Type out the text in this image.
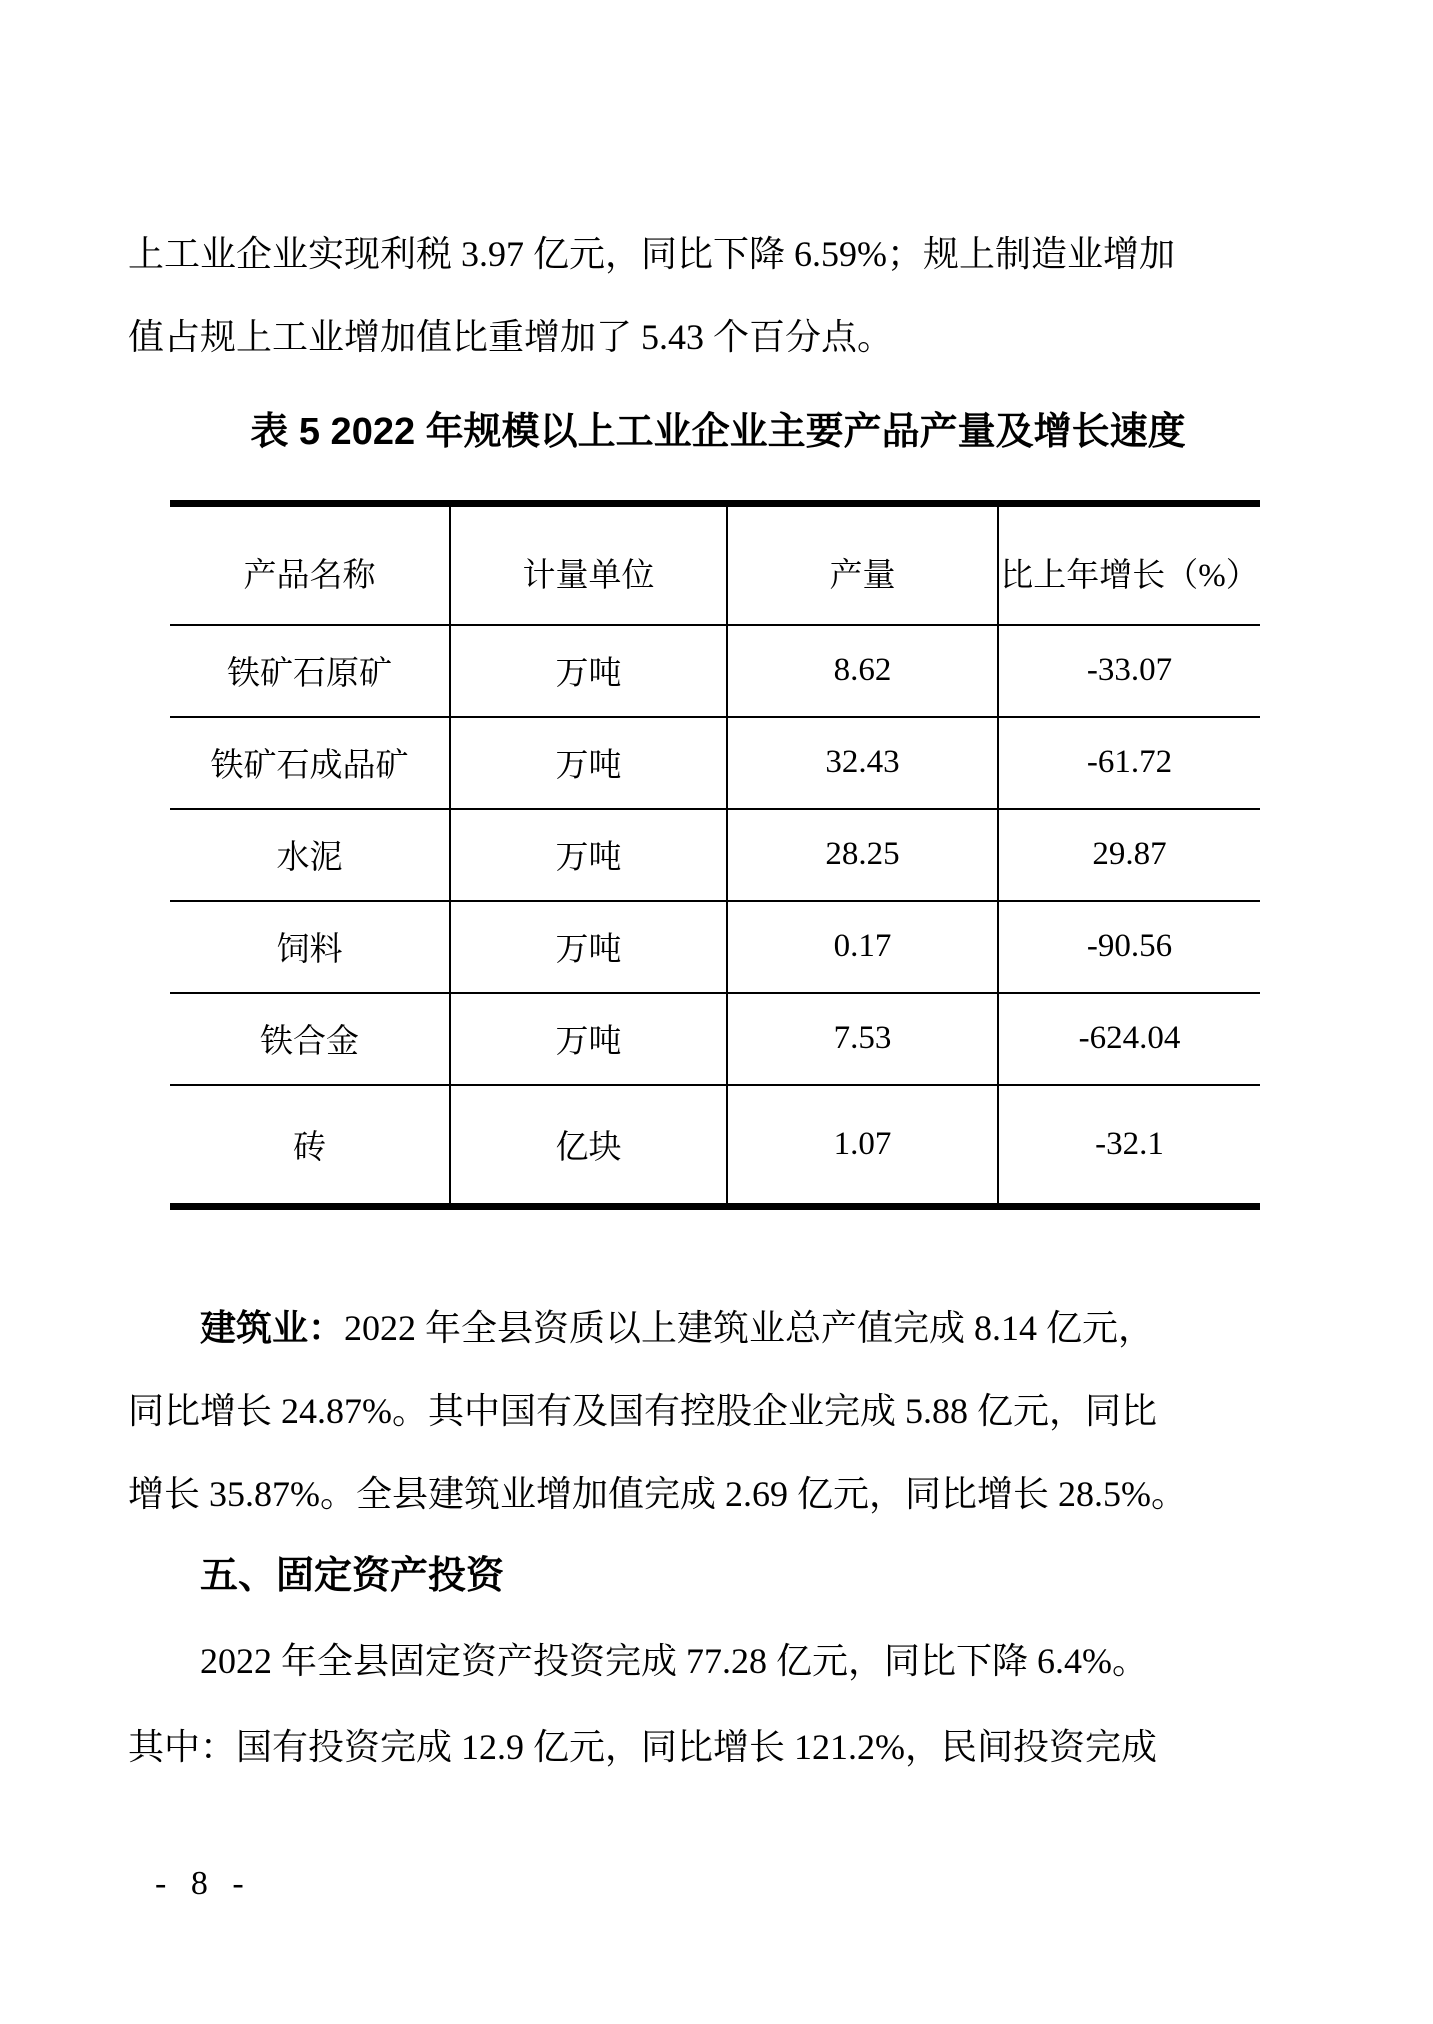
上工业企业实现利税 3.97 亿元，同比下降 6.59%；规上制造业增加
值占规上工业增加值比重增加了 5.43 个百分点。
表 5 2022 年规模以上工业企业主要产品产量及增长速度
产品名称	计量单位	产量	比上年增长（%）
铁矿石原矿	万吨	8.62	-33.07
铁矿石成品矿	万吨	32.43	-61.72
水泥	万吨	28.25	29.87
饲料	万吨	0.17	-90.56
铁合金	万吨	7.53	-624.04
砖	亿块	1.07	-32.1
建筑业：2022 年全县资质以上建筑业总产值完成 8.14 亿元，
同比增长 24.87%。其中国有及国有控股企业完成 5.88 亿元，同比
增长 35.87%。全县建筑业增加值完成 2.69 亿元，同比增长 28.5%。
五、固定资产投资
2022 年全县固定资产投资完成 77.28 亿元，同比下降 6.4%。
其中：国有投资完成 12.9 亿元，同比增长 121.2%，民间投资完成
- 8 -
